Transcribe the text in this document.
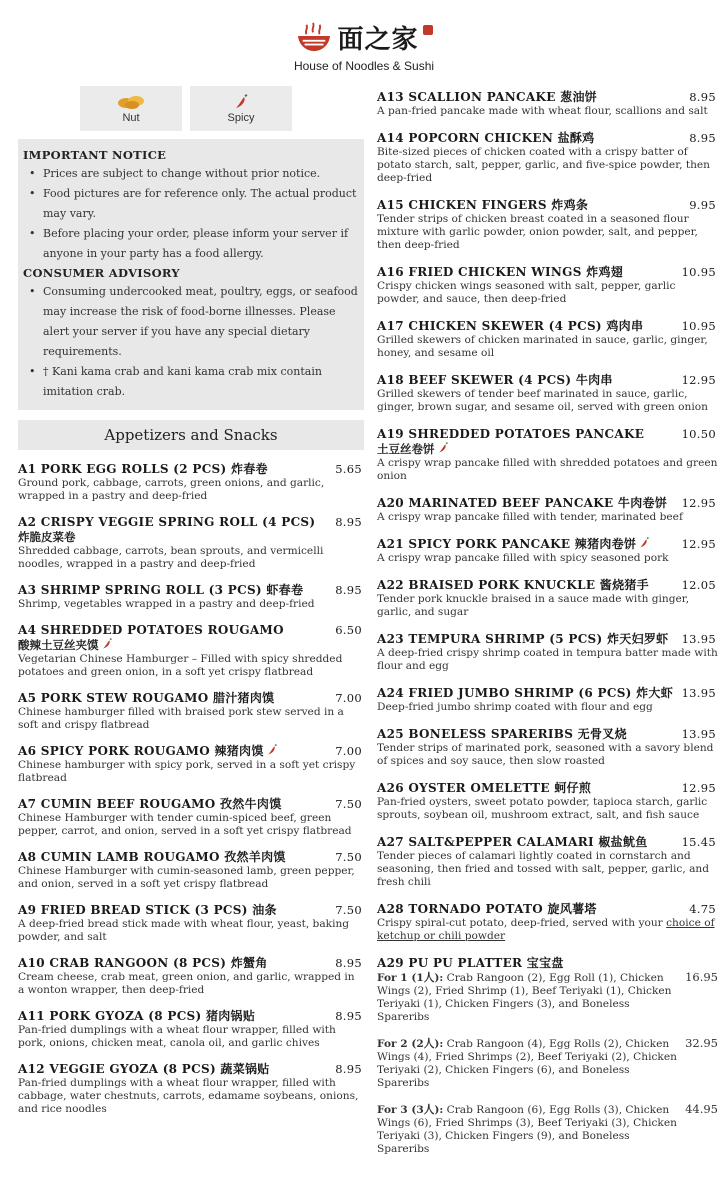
面之家
House of Noodles & Sushi
Nut	Spicy
IMPORTANT NOTICE
• Prices are subject to change without prior notice.
• Food pictures are for reference only. The actual product may vary.
• Before placing your order, please inform your server if anyone in your party has a food allergy.
CONSUMER ADVISORY
• Consuming undercooked meat, poultry, eggs, or seafood may increase the risk of food-borne illnesses. Please alert your server if you have any special dietary requirements.
• † Kani kama crab and kani kama crab mix contain imitation crab.
Appetizers and Snacks
A1 PORK EGG ROLLS (2 PCS) 炸春卷	5.65
Ground pork, cabbage, carrots, green onions, and garlic, wrapped in a pastry and deep-fried
A2 CRISPY VEGGIE SPRING ROLL (4 PCS) 8.95
炸脆皮菜卷
Shredded cabbage, carrots, bean sprouts, and vermicelli noodles, wrapped in a pastry and deep-fried
A3 SHRIMP SPRING ROLL (3 PCS) 虾春卷	8.95
Shrimp, vegetables wrapped in a pastry and deep-fried
A4 SHREDDED POTATOES ROUGAMO	6.50
酸辣土豆丝夹馍
Vegetarian Chinese Hamburger – Filled with spicy shredded potatoes and green onion, in a soft yet crispy flatbread
A5 PORK STEW ROUGAMO 腊汁猪肉馍	7.00
Chinese hamburger filled with braised pork stew served in a soft and crispy flatbread
A6 SPICY PORK ROUGAMO 辣猪肉馍	7.00
Chinese hamburger with spicy pork, served in a soft yet crispy flatbread
A7 CUMIN BEEF ROUGAMO 孜然牛肉馍	7.50
Chinese Hamburger with tender cumin-spiced beef, green pepper, carrot, and onion, served in a soft yet crispy flatbread
A8 CUMIN LAMB ROUGAMO 孜然羊肉馍	7.50
Chinese Hamburger with cumin-seasoned lamb, green pepper, and onion, served in a soft yet crispy flatbread
A9 FRIED BREAD STICK (3 PCS) 油条	7.50
A deep-fried bread stick made with wheat flour, yeast, baking powder, and salt
A10 CRAB RANGOON (8 PCS) 炸蟹角	8.95
Cream cheese, crab meat, green onion, and garlic, wrapped in a wonton wrapper, then deep-fried
A11 PORK GYOZA (8 PCS) 猪肉锅贴	8.95
Pan-fried dumplings with a wheat flour wrapper, filled with pork, onions, chicken meat, canola oil, and garlic chives
A12 VEGGIE GYOZA (8 PCS) 蔬菜锅贴	8.95
Pan-fried dumplings with a wheat flour wrapper, filled with cabbage, water chestnuts, carrots, edamame soybeans, onions, and rice noodles
A13 SCALLION PANCAKE 葱油饼	8.95
A pan-fried pancake made with wheat flour, scallions and salt
A14 POPCORN CHICKEN 盐酥鸡	8.95
Bite-sized pieces of chicken coated with a crispy batter of potato starch, salt, pepper, garlic, and five-spice powder, then deep-fried
A15 CHICKEN FINGERS 炸鸡条	9.95
Tender strips of chicken breast coated in a seasoned flour mixture with garlic powder, onion powder, salt, and pepper, then deep-fried
A16 FRIED CHICKEN WINGS 炸鸡翅	10.95
Crispy chicken wings seasoned with salt, pepper, garlic powder, and sauce, then deep-fried
A17 CHICKEN SKEWER (4 PCS) 鸡肉串	10.95
Grilled skewers of chicken marinated in sauce, garlic, ginger, honey, and sesame oil
A18 BEEF SKEWER (4 PCS) 牛肉串	12.95
Grilled skewers of tender beef marinated in sauce, garlic, ginger, brown sugar, and sesame oil, served with green onion
A19 SHREDDED POTATOES PANCAKE	10.50
土豆丝卷饼
A crispy wrap pancake filled with shredded potatoes and green onion
A20 MARINATED BEEF PANCAKE 牛肉卷饼 12.95
A crispy wrap pancake filled with tender, marinated beef
A21 SPICY PORK PANCAKE 辣猪肉卷饼	12.95
A crispy wrap pancake filled with spicy seasoned pork
A22 BRAISED PORK KNUCKLE 酱烧猪手	12.05
Tender pork knuckle braised in a sauce made with ginger, garlic, and sugar
A23 TEMPURA SHRIMP (5 PCS) 炸天妇罗虾 13.95
A deep-fried crispy shrimp coated in tempura batter made with flour and egg
A24 FRIED JUMBO SHRIMP (6 PCS) 炸大虾 13.95
Deep-fried jumbo shrimp coated with flour and egg
A25 BONELESS SPARERIBS 无骨叉烧	13.95
Tender strips of marinated pork, seasoned with a savory blend of spices and soy sauce, then slow roasted
A26 OYSTER OMELETTE 蚵仔煎	12.95
Pan-fried oysters, sweet potato powder, tapioca starch, garlic sprouts, soybean oil, mushroom extract, salt, and fish sauce
A27 SALT&PEPPER CALAMARI 椒盐鱿鱼	15.45
Tender pieces of calamari lightly coated in cornstarch and seasoning, then fried and tossed with salt, pepper, garlic, and fresh chili
A28 TORNADO POTATO 旋风薯塔	4.75
Crispy spiral-cut potato, deep-fried, served with your choice of ketchup or chili powder
A29 PU PU PLATTER 宝宝盘
For 1 (1人): Crab Rangoon (2), Egg Roll (1), Chicken Wings (2), Fried Shrimp (1), Beef Teriyaki (1), Chicken Teriyaki (1), Chicken Fingers (3), and Boneless Spareribs
16.95
For 2 (2人): Crab Rangoon (4), Egg Rolls (2), Chicken Wings (4), Fried Shrimps (2), Beef Teriyaki (2), Chicken Teriyaki (2), Chicken Fingers (6), and Boneless Spareribs
32.95
For 3 (3人): Crab Rangoon (6), Egg Rolls (3), Chicken Wings (6), Fried Shrimps (3), Beef Teriyaki (3), Chicken Teriyaki (3), Chicken Fingers (9), and Boneless Spareribs
44.95
